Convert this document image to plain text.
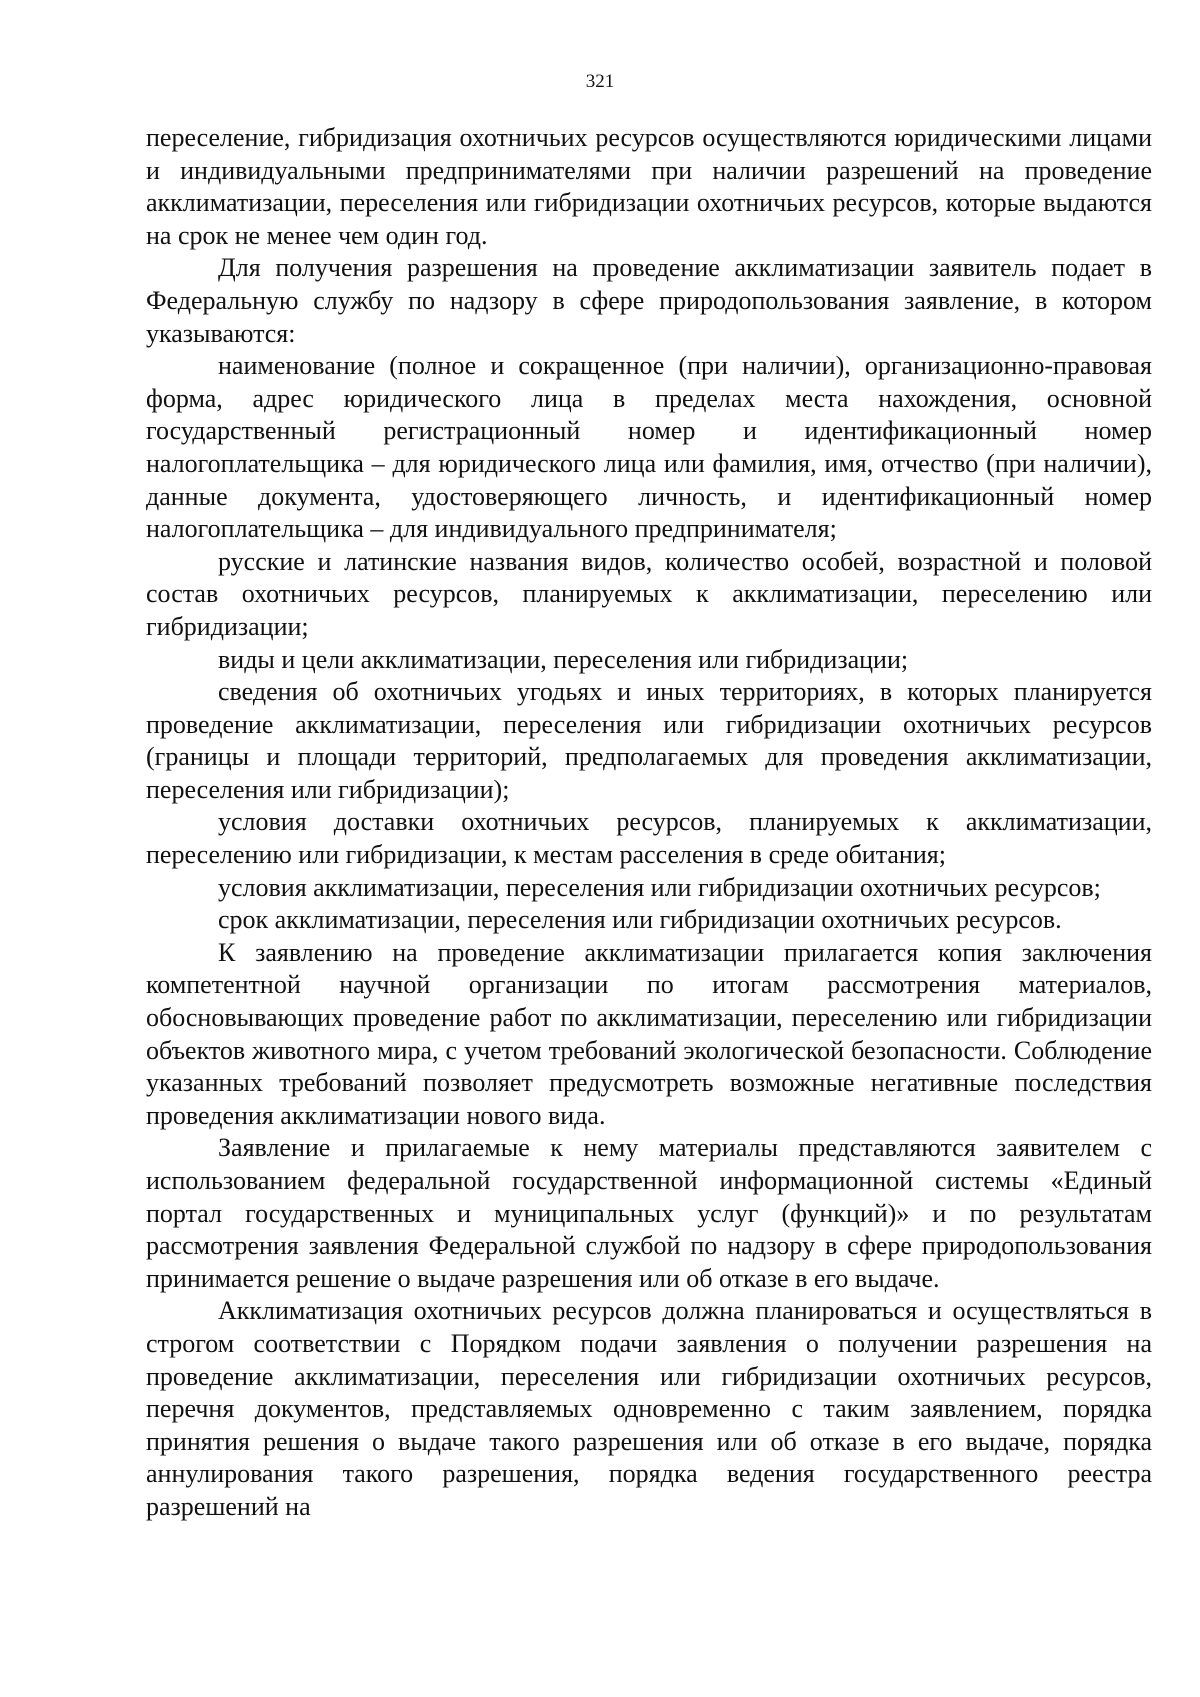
321

переселение, гибридизация охотничьих ресурсов осуществляются юридическими лицами и индивидуальными предпринимателями при наличии разрешений на проведение акклиматизации, переселения или гибридизации охотничьих ресурсов, которые выдаются на срок не менее чем один год.

Для получения разрешения на проведение акклиматизации заявитель подает в Федеральную службу по надзору в сфере природопользования заявление, в котором указываются:

наименование (полное и сокращенное (при наличии), организационно-правовая форма, адрес юридического лица в пределах места нахождения, основной государственный регистрационный номер и идентификационный номер налогоплательщика – для юридического лица или фамилия, имя, отчество (при наличии), данные документа, удостоверяющего личность, и идентификационный номер налогоплательщика – для индивидуального предпринимателя;

русские и латинские названия видов, количество особей, возрастной и половой состав охотничьих ресурсов, планируемых к акклиматизации, переселению или гибридизации;

виды и цели акклиматизации, переселения или гибридизации;

сведения об охотничьих угодьях и иных территориях, в которых планируется проведение акклиматизации, переселения или гибридизации охотничьих ресурсов (границы и площади территорий, предполагаемых для проведения акклиматизации, переселения или гибридизации);

условия доставки охотничьих ресурсов, планируемых к акклиматизации, переселению или гибридизации, к местам расселения в среде обитания;

условия акклиматизации, переселения или гибридизации охотничьих ресурсов;

срок акклиматизации, переселения или гибридизации охотничьих ресурсов.

К заявлению на проведение акклиматизации прилагается копия заключения компетентной научной организации по итогам рассмотрения материалов, обосновывающих проведение работ по акклиматизации, переселению или гибридизации объектов животного мира, с учетом требований экологической безопасности. Соблюдение указанных требований позволяет предусмотреть возможные негативные последствия проведения акклиматизации нового вида.

Заявление и прилагаемые к нему материалы представляются заявителем с использованием федеральной государственной информационной системы «Единый портал государственных и муниципальных услуг (функций)» и по результатам рассмотрения заявления Федеральной службой по надзору в сфере природопользования принимается решение о выдаче разрешения или об отказе в его выдаче.

Акклиматизация охотничьих ресурсов должна планироваться и осуществляться в строгом соответствии с Порядком подачи заявления о получении разрешения на проведение акклиматизации, переселения или гибридизации охотничьих ресурсов, перечня документов, представляемых одновременно с таким заявлением, порядка принятия решения о выдаче такого разрешения или об отказе в его выдаче, порядка аннулирования такого разрешения, порядка ведения государственного реестра разрешений на
